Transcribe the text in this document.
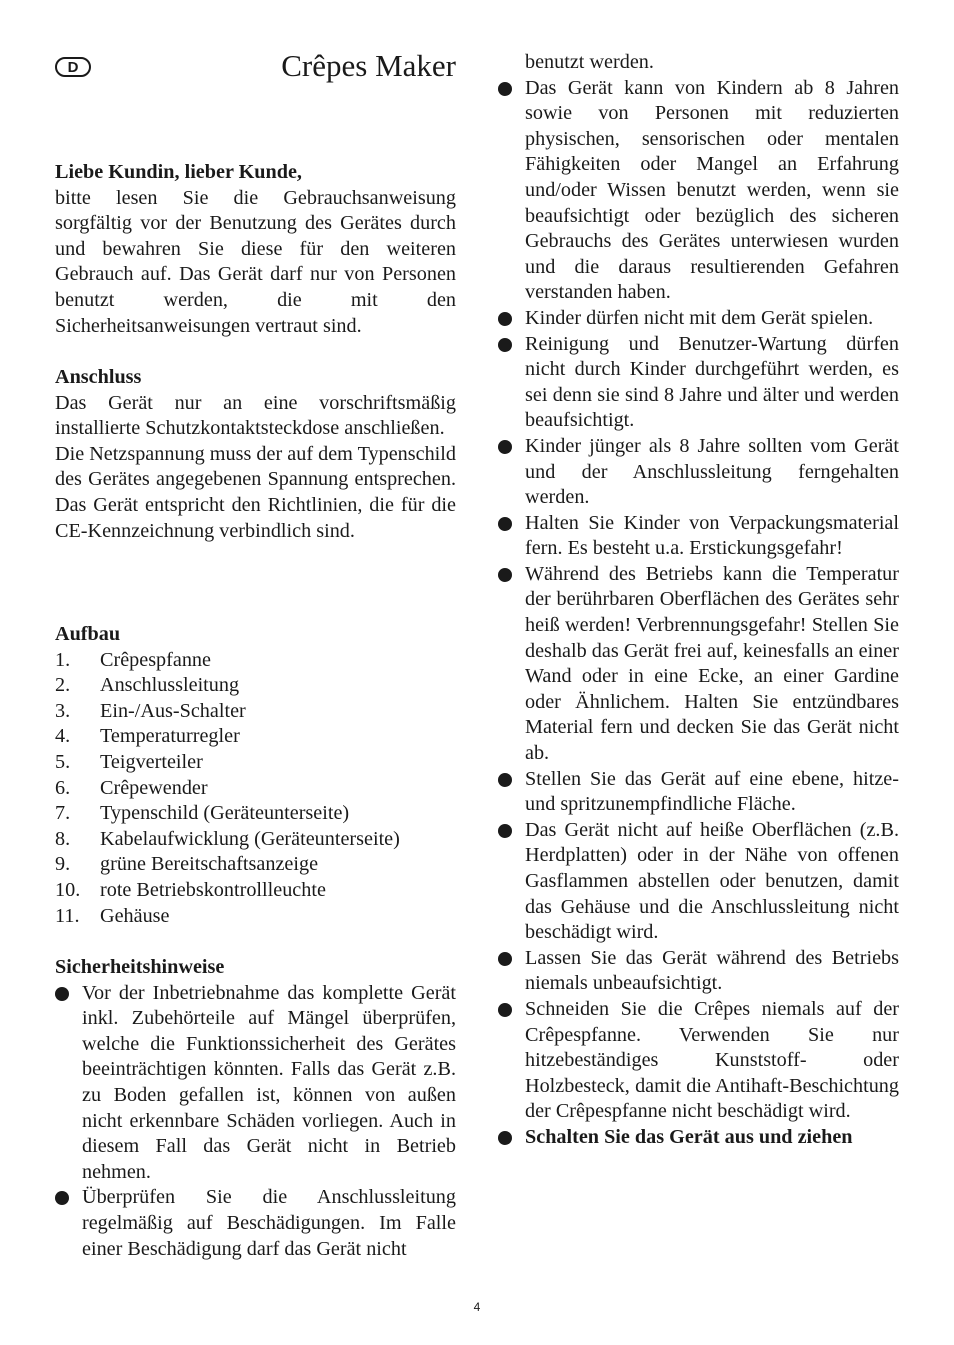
D	Crêpes Maker

Liebe Kundin, lieber Kunde,

bitte lesen Sie die Gebrauchsanweisung sorgfältig vor der Benutzung des Gerätes durch und bewahren Sie diese für den weiteren Gebrauch auf. Das Gerät darf nur von Personen benutzt werden, die mit den Sicherheitsanweisungen vertraut sind.

Anschluss

Das Gerät nur an eine vorschriftsmäßig installierte Schutzkontaktsteckdose anschließen.

Die Netzspannung muss der auf dem Typenschild des Gerätes angegebenen Spannung entsprechen. Das Gerät entspricht den Richtlinien, die für die CE-Kennzeichnung verbindlich sind.

Aufbau

1.	Crêpespfanne
2.	Anschlussleitung
3.	Ein-/Aus-Schalter
4.	Temperaturregler
5.	Teigverteiler
6.	Crêpewender
7.	Typenschild (Geräteunterseite)
8.	Kabelaufwicklung (Geräteunterseite)
9.	grüne Bereitschaftsanzeige
10. rote Betriebskontrollleuchte
11.	Gehäuse

Sicherheitshinweise

Vor der Inbetriebnahme das komplette Gerät inkl. Zubehörteile auf Mängel überprüfen, welche die Funktionssicherheit des Gerätes beeinträchtigen könnten. Falls das Gerät z.B. zu Boden gefallen ist, können von außen nicht erkennbare Schäden vorliegen. Auch in diesem Fall das Gerät nicht in Betrieb nehmen.
Überprüfen Sie die Anschlussleitung regelmäßig auf Beschädigungen. Im Falle einer Beschädigung darf das Gerät nicht

benutzt werden.

Das Gerät kann von Kindern ab 8 Jahren sowie von Personen mit reduzierten physischen, sensorischen oder mentalen Fähigkeiten oder Mangel an Erfahrung und/oder Wissen benutzt werden, wenn sie beaufsichtigt oder bezüglich des sicheren Gebrauchs des Gerätes unterwiesen wurden und die daraus resultierenden Gefahren verstanden haben.
Kinder dürfen nicht mit dem Gerät spielen.
Reinigung und Benutzer-Wartung dürfen nicht durch Kinder durchgeführt werden, es sei denn sie sind 8 Jahre und älter und werden beaufsichtigt.
Kinder jünger als 8 Jahre sollten vom Gerät und der Anschlussleitung ferngehalten werden.
Halten Sie Kinder von Verpackungsmaterial fern. Es besteht u.a. Erstickungsgefahr!
Während des Betriebs kann die Temperatur der berührbaren Oberflächen des Gerätes sehr heiß werden! Verbrennungsgefahr! Stellen Sie deshalb das Gerät frei auf, keinesfalls an einer Wand oder in eine Ecke, an einer Gardine oder Ähnlichem. Halten Sie entzündbares Material fern und decken Sie das Gerät nicht ab.
Stellen Sie das Gerät auf eine ebene, hitze- und spritzunempfindliche Fläche.
Das Gerät nicht auf heiße Oberflächen (z.B. Herdplatten) oder in der Nähe von offenen Gasflammen abstellen oder benutzen, damit das Gehäuse und die Anschlussleitung nicht beschädigt wird.
Lassen Sie das Gerät während des Betriebs niemals unbeaufsichtigt.
Schneiden Sie die Crêpes niemals auf der Crêpespfanne. Verwenden Sie nur hitzebeständiges Kunststoff- oder Holzbesteck, damit die Antihaft-Beschichtung der Crêpespfanne nicht beschädigt wird.
Schalten Sie das Gerät aus und ziehen
4
